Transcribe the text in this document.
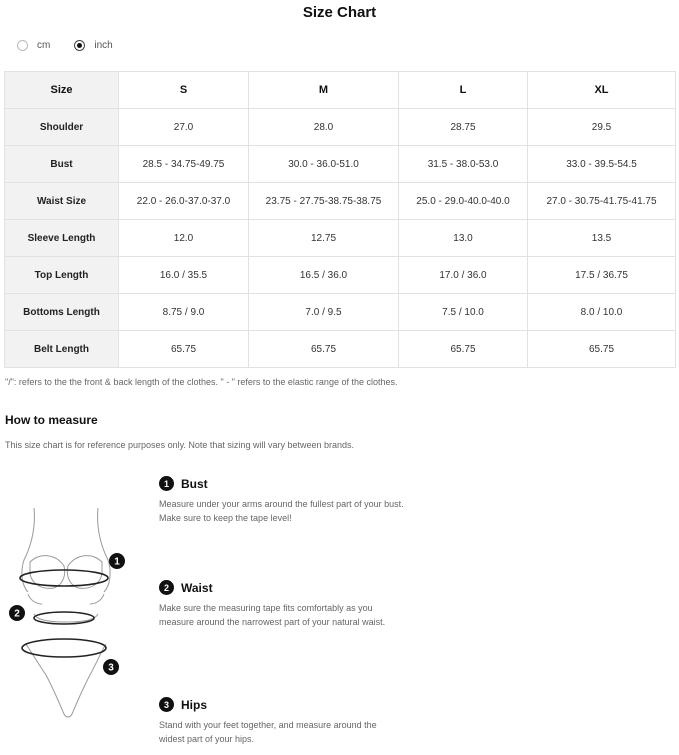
Size Chart
cm	inch
Size	S	M	L	XL
Shoulder	27.0	28.0	28.75	29.5
Bust	28.5 - 34.75-49.75	30.0 - 36.0-51.0	31.5 - 38.0-53.0	33.0 - 39.5-54.5
Waist Size	22.0 - 26.0-37.0-37.0	23.75 - 27.75-38.75-38.75	25.0 - 29.0-40.0-40.0	27.0 - 30.75-41.75-41.75
Sleeve Length	12.0	12.75	13.0	13.5
Top Length	16.0 / 35.5	16.5 / 36.0	17.0 / 36.0	17.5 / 36.75
Bottoms Length	8.75 / 9.0	7.0 / 9.5	7.5 / 10.0	8.0 / 10.0
Belt Length	65.75	65.75	65.75	65.75
"/": refers to the the front & back length of the clothes. " - " refers to the elastic range of the clothes.
How to measure
This size chart is for reference purposes only. Note that sizing will vary between brands.
1
2
3
1	Bust
Measure under your arms around the fullest part of your bust. Make sure to keep the tape level!
2	Waist
Make sure the measuring tape fits comfortably as you measure around the narrowest part of your natural waist.
3	Hips
Stand with your feet together, and measure around the widest part of your hips.
